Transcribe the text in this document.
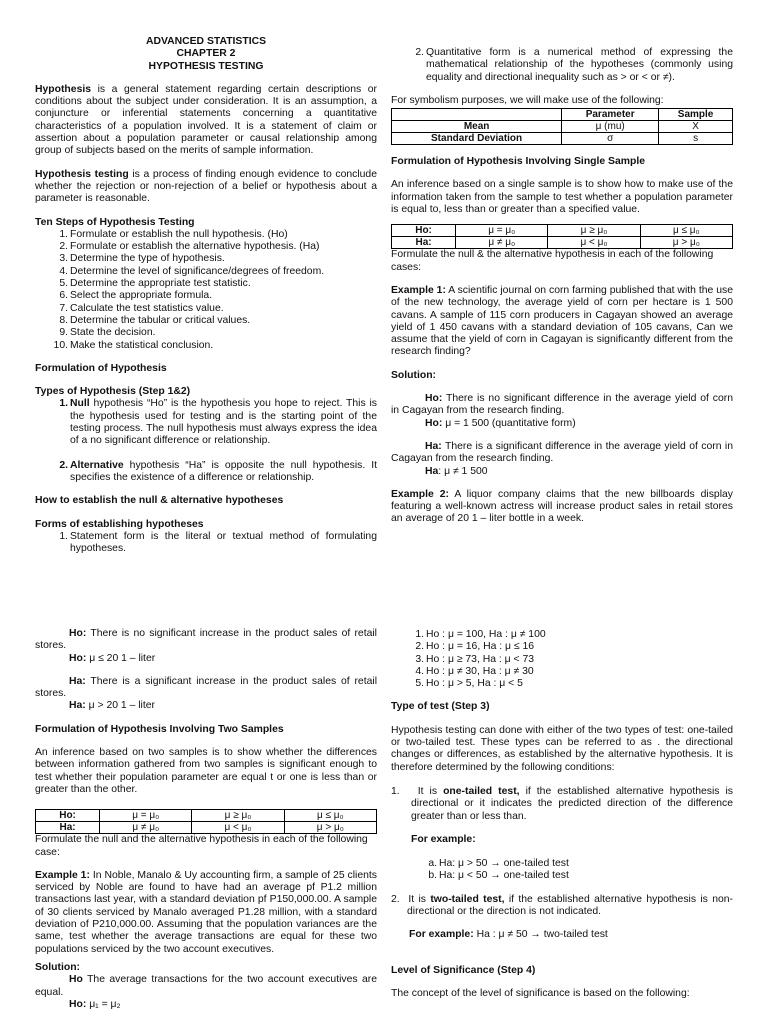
ADVANCED STATISTICS
CHAPTER 2
HYPOTHESIS TESTING

Hypothesis is a general statement regarding certain descriptions or conditions about the subject under consideration. It is an assumption, a conjuncture or inferential statements concerning a quantitative characteristics of a population involved. It is a statement of claim or assertion about a population parameter or causal relationship among group of subjects based on the merits of sample information.

Hypothesis testing is a process of finding enough evidence to conclude whether the rejection or non-rejection of a belief or hypothesis about a parameter is reasonable.

Ten Steps of Hypothesis Testing

1. Formulate or establish the null hypothesis. (Ho)
2. Formulate or establish the alternative hypothesis. (Ha)
3. Determine the type of hypothesis.
4. Determine the level of significance/degrees of freedom.
5. Determine the appropriate test statistic.
6. Select the appropriate formula.
7. Calculate the test statistics value.
8. Determine the tabular or critical values.
9. State the decision.
10. Make the statistical conclusion.

Formulation of Hypothesis

Types of Hypothesis (Step 1&2)

1. Null hypothesis “Ho” is the hypothesis you hope to reject. This is the hypothesis used for testing and is the starting point of the testing process. The null hypothesis must always express the idea of a no significant difference or relationship.
2. Alternative hypothesis “Ha” is opposite the null hypothesis. It specifies the existence of a difference or relationship.

How to establish the null & alternative hypotheses

Forms of establishing hypotheses

1. Statement form is the literal or textual method of formulating hypotheses.
2. Quantitative form is a numerical method of expressing the mathematical relationship of the hypotheses (commonly using equality and directional inequality such as > or < or ≠).

For symbolism purposes, we will make use of the following:

	Parameter	Sample
Mean	μ (mu)	X
Standard Deviation	σ	s

Formulation of Hypothesis Involving Single Sample

An inference based on a single sample is to show how to make use of the information taken from the sample to test whether a population parameter is equal to, less than or greater than a specified value.

Ho:	μ = μ₀	μ ≥ μ₀	μ ≤ μ₀
Ha:	μ ≠ μ₀	μ < μ₀	μ > μ₀

Formulate the null & the alternative hypothesis in each of the following cases:

Example 1: A scientific journal on corn farming published that with the use of the new technology, the average yield of corn per hectare is 1 500 cavans. A sample of 115 corn producers in Cagayan showed an average yield of 1 450 cavans with a standard deviation of 105 cavans, Can we assume that the yield of corn in Cagayan is significantly different from the research finding?

Solution:

Ho: There is no significant difference in the average yield of corn in Cagayan from the research finding.

Ho: μ = 1 500 (quantitative form)

Ha: There is a significant difference in the average yield of corn in Cagayan from the research finding.

Ha: μ ≠ 1 500

Example 2: A liquor company claims that the new billboards display featuring a well-known actress will increase product sales in retail stores an average of 20 1 – liter bottle in a week.

Ho: There is no significant increase in the product sales of retail stores.

Ho: μ ≤ 20 1 – liter

Ha: There is a significant increase in the product sales of retail stores.

Ha: μ > 20 1 – liter

Formulation of Hypothesis Involving Two Samples

An inference based on two samples is to show whether the differences between information gathered from two samples is significant enough to test whether their population parameter are equal t or one is less than or greater than the other.

Ho:	μ = μ₀	μ ≥ μ₀	μ ≤ μ₀
Ha:	μ ≠ μ₀	μ < μ₀	μ > μ₀

Formulate the null and the alternative hypothesis in each of the following case:

Example 1: In Noble, Manalo & Uy accounting firm, a sample of 25 clients serviced by Noble are found to have had an average pf P1.2 million transactions last year, with a standard deviation pf P150,000.00. A sample of 30 clients serviced by Manalo averaged P1.28 million, with a standard deviation of P210,000.00. Assuming that the population variances are the same, test whether the average transactions are equal for these two populations serviced by the two account executives.

Solution:

Ho The average transactions for the two account executives are equal.

Ho: μ₁ = μ₂

1. Ho : μ = 100, Ha : μ ≠ 100
2. Ho : μ = 16, Ha : μ ≤ 16
3. Ho : μ ≥ 73, Ha : μ < 73
4. Ho : μ ≠ 30, Ha : μ ≠ 30
5. Ho : μ > 5, Ha : μ < 5

Type of test (Step 3)

Hypothesis testing can done with either of the two types of test: one-tailed or two-tailed test. These types can be referred to as . the directional changes or differences, as established by the alternative hypothesis. It is therefore determined by the following conditions:

1. It is one-tailed test, if the established alternative hypothesis is directional or it indicates the predicted direction of the difference greater than or less than.

For example:

a. Ha: μ > 50 → one-tailed test
b. Ha: μ < 50 → one-tailed test
2. It is two-tailed test, if the established alternative hypothesis is non-directional or the direction is not indicated.

For example: Ha : μ ≠ 50 → two-tailed test

Level of Significance (Step 4)

The concept of the level of significance is based on the following:
